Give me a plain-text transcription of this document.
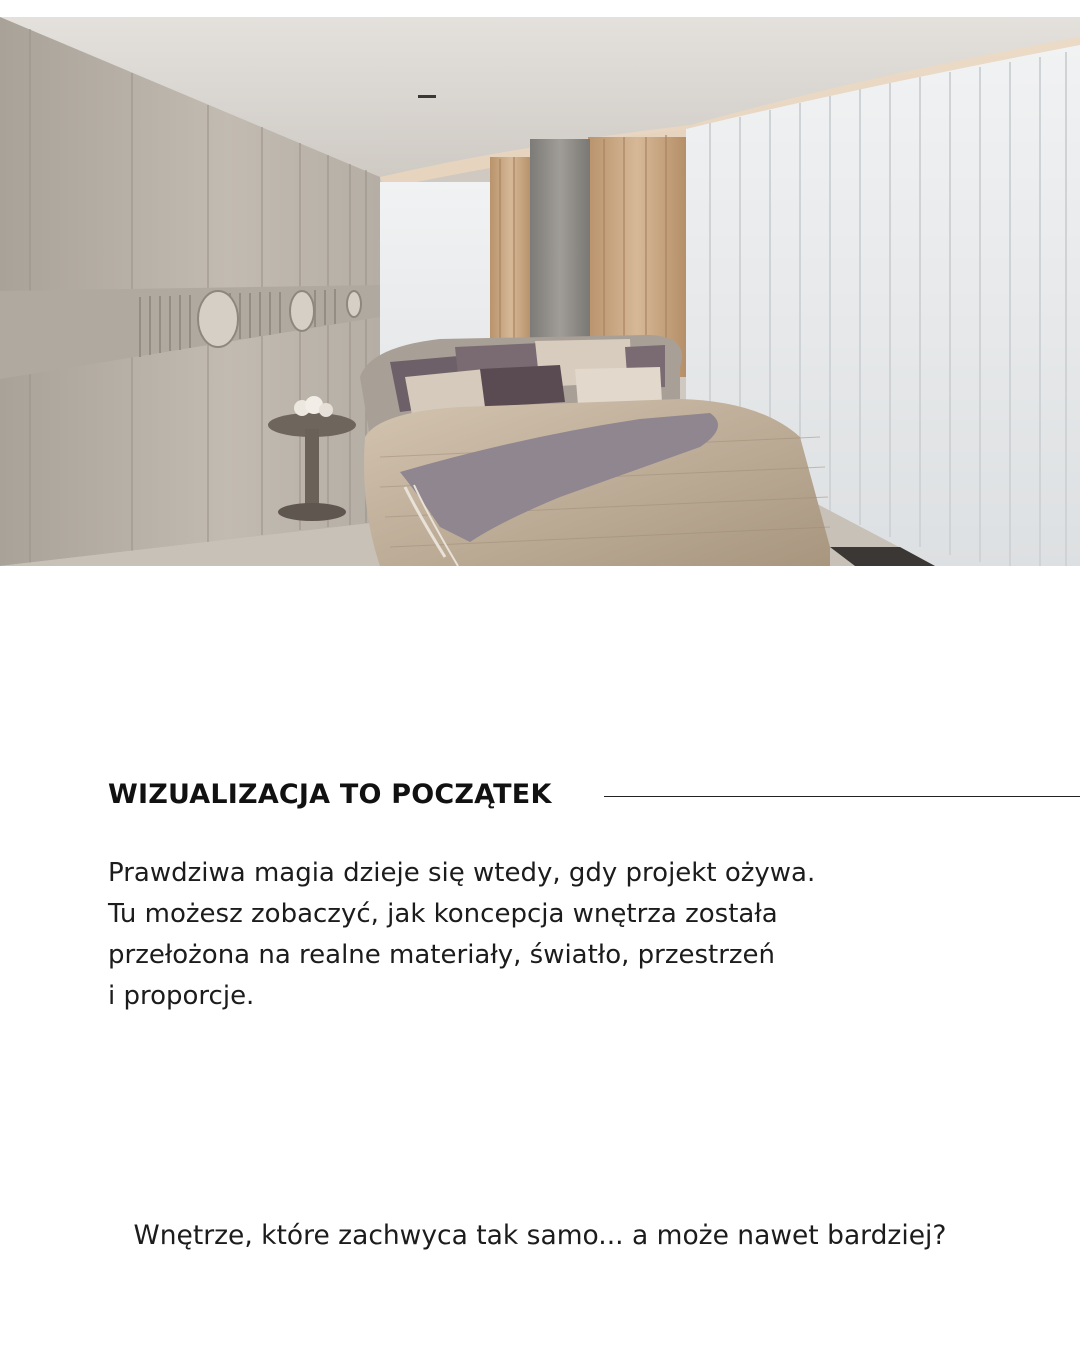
WIZUALIZACJA TO POCZĄTEK
Prawdziwa magia dzieje się wtedy, gdy projekt ożywa.
Tu możesz zobaczyć, jak koncepcja wnętrza została
przełożona na realne materiały, światło, przestrzeń
i proporcje.
Wnętrze, które zachwyca tak samo... a może nawet bardziej?
